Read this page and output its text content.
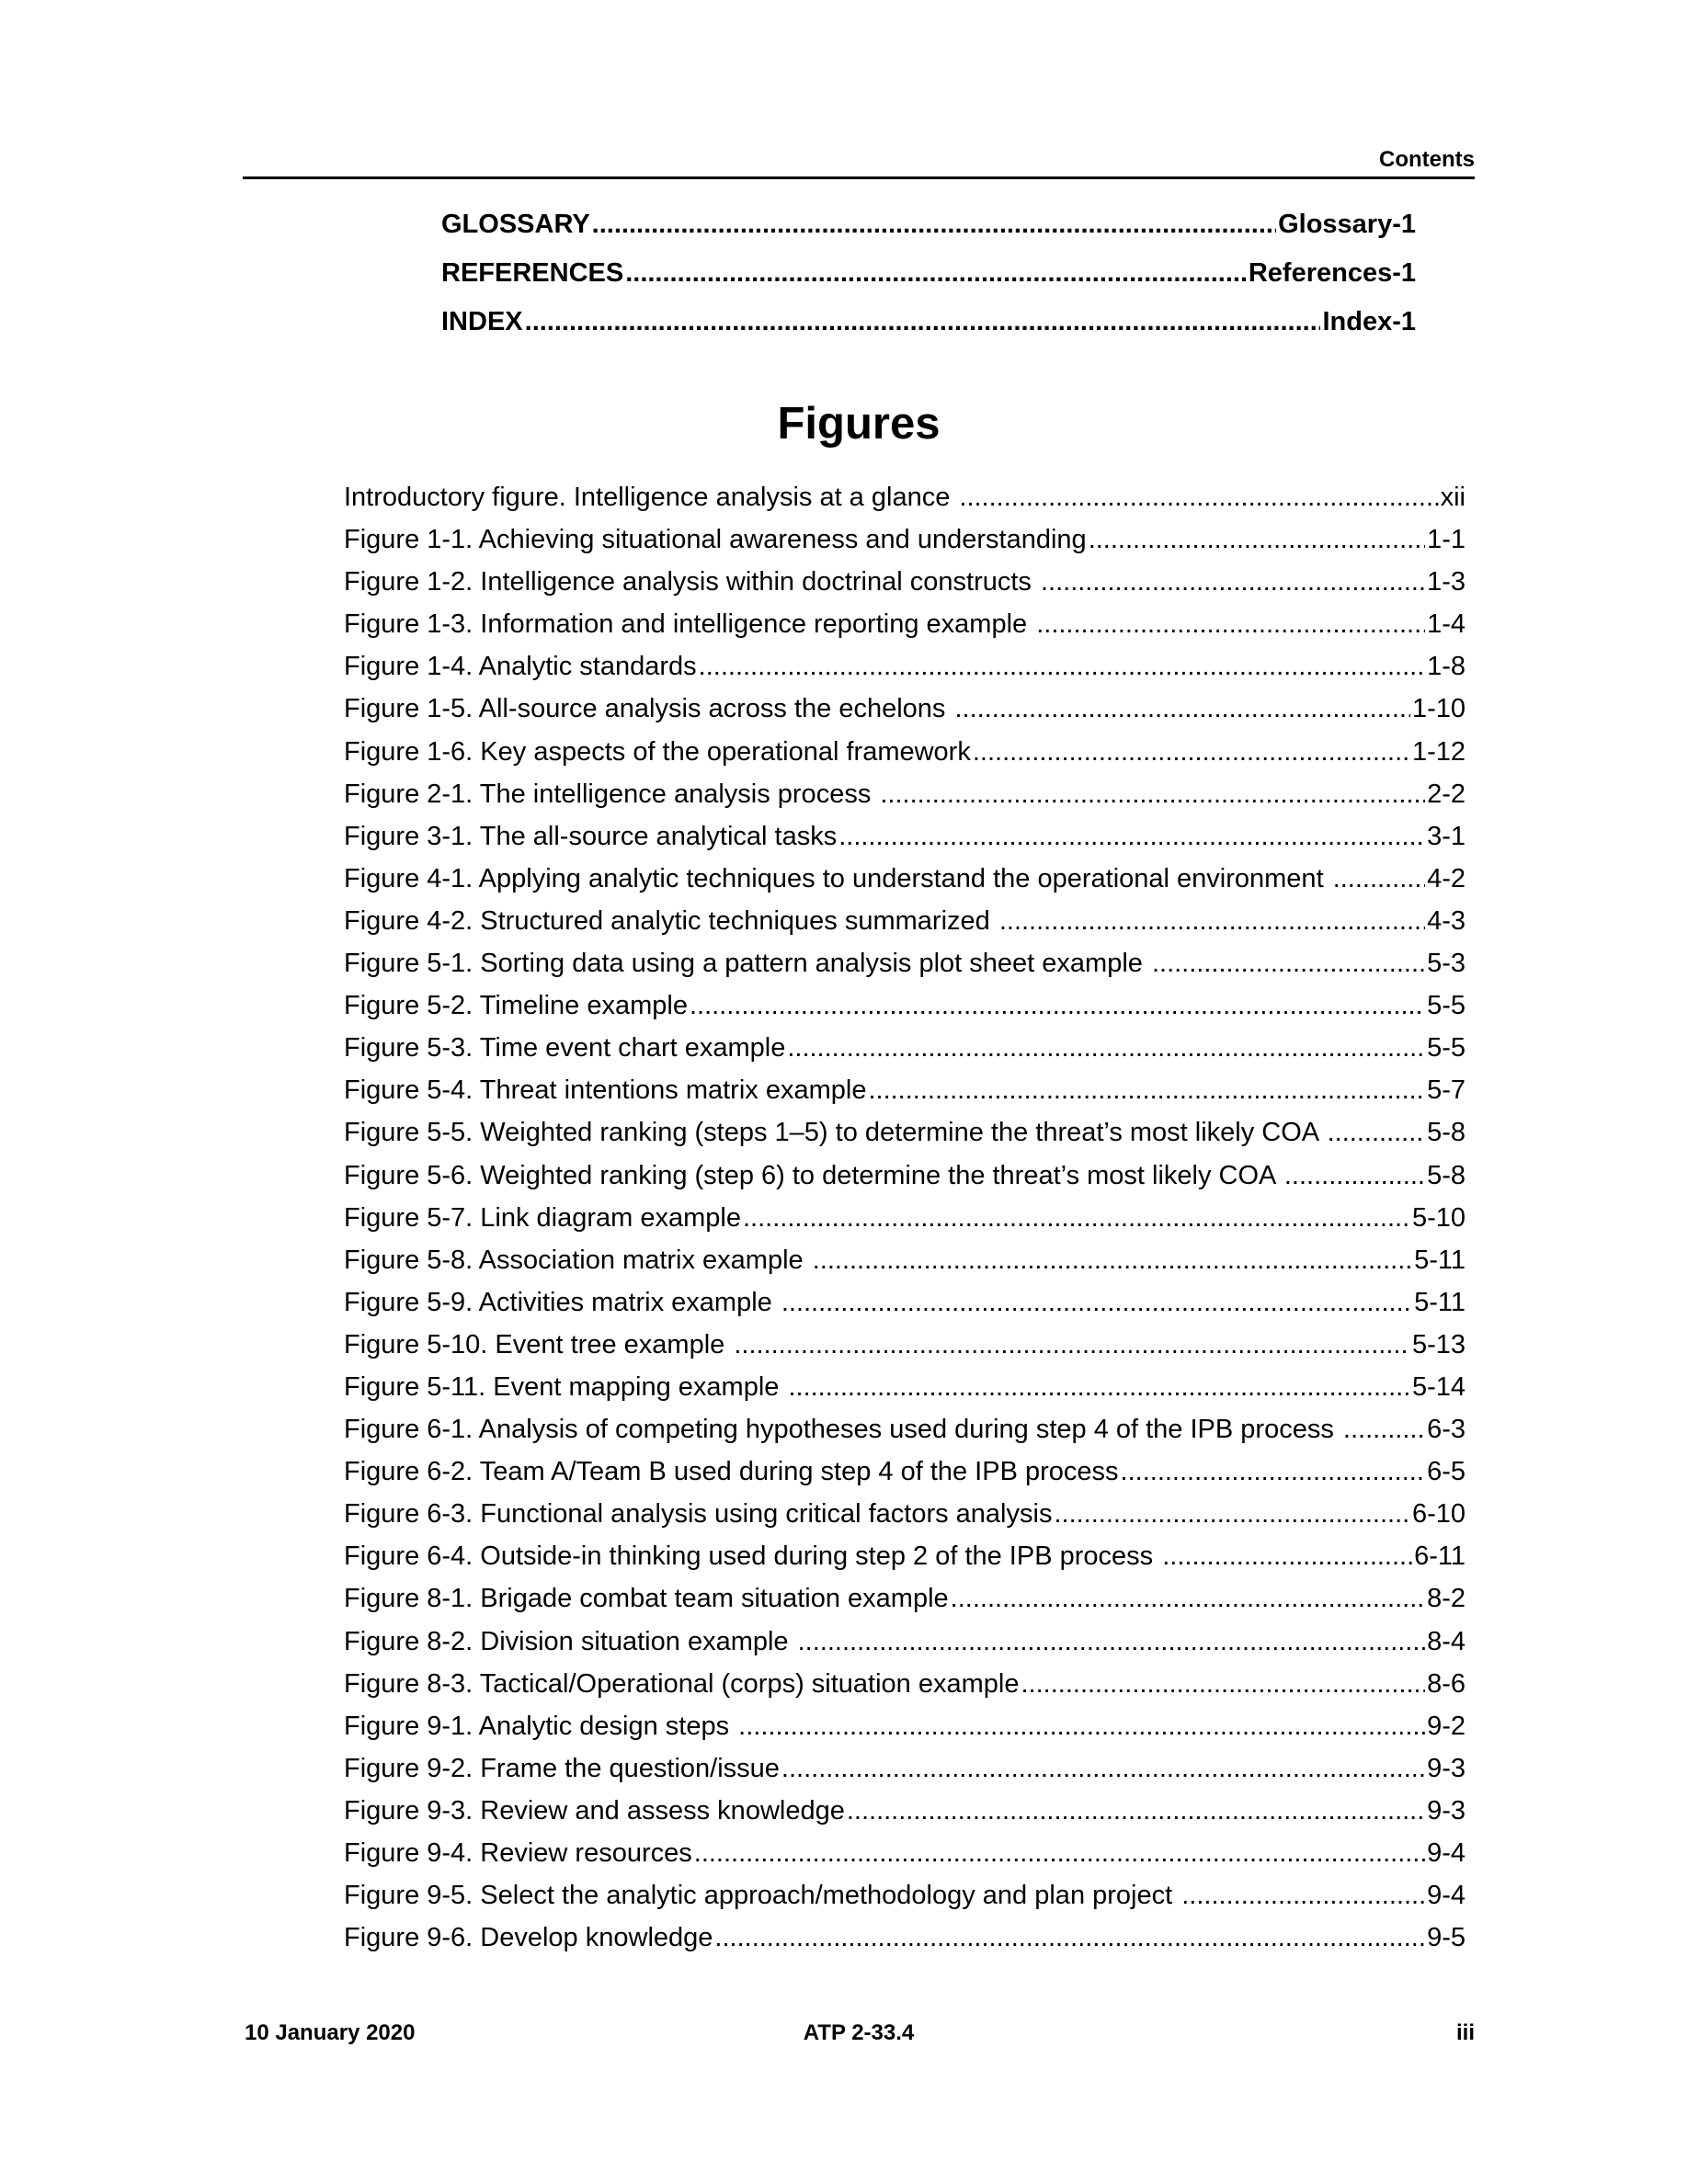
Contents
GLOSSARY .....	Glossary-1
REFERENCES .....	References-1
INDEX .....	Index-1
Figures
Introductory figure. Intelligence analysis at a glance .....	xii
Figure 1-1. Achieving situational awareness and understanding .....	1-1
Figure 1-2. Intelligence analysis within doctrinal constructs .....	1-3
Figure 1-3. Information and intelligence reporting example .....	1-4
Figure 1-4. Analytic standards .....	1-8
Figure 1-5. All-source analysis across the echelons .....	1-10
Figure 1-6. Key aspects of the operational framework .....	1-12
Figure 2-1. The intelligence analysis process .....	2-2
Figure 3-1. The all-source analytical tasks .....	3-1
Figure 4-1. Applying analytic techniques to understand the operational environment .....	4-2
Figure 4-2. Structured analytic techniques summarized .....	4-3
Figure 5-1. Sorting data using a pattern analysis plot sheet example .....	5-3
Figure 5-2. Timeline example .....	5-5
Figure 5-3. Time event chart example .....	5-5
Figure 5-4. Threat intentions matrix example .....	5-7
Figure 5-5. Weighted ranking (steps 1–5) to determine the threat’s most likely COA .....	5-8
Figure 5-6. Weighted ranking (step 6) to determine the threat’s most likely COA .....	5-8
Figure 5-7. Link diagram example .....	5-10
Figure 5-8. Association matrix example .....	5-11
Figure 5-9. Activities matrix example .....	5-11
Figure 5-10. Event tree example .....	5-13
Figure 5-11. Event mapping example .....	5-14
Figure 6-1. Analysis of competing hypotheses used during step 4 of the IPB process .....	6-3
Figure 6-2. Team A/Team B used during step 4 of the IPB process .....	6-5
Figure 6-3. Functional analysis using critical factors analysis .....	6-10
Figure 6-4. Outside-in thinking used during step 2 of the IPB process .....	6-11
Figure 8-1. Brigade combat team situation example .....	8-2
Figure 8-2. Division situation example .....	8-4
Figure 8-3. Tactical/Operational (corps) situation example .....	8-6
Figure 9-1. Analytic design steps .....	9-2
Figure 9-2. Frame the question/issue .....	9-3
Figure 9-3. Review and assess knowledge .....	9-3
Figure 9-4. Review resources .....	9-4
Figure 9-5. Select the analytic approach/methodology and plan project .....	9-4
Figure 9-6. Develop knowledge .....	9-5
10 January 2020	ATP 2-33.4	iii
